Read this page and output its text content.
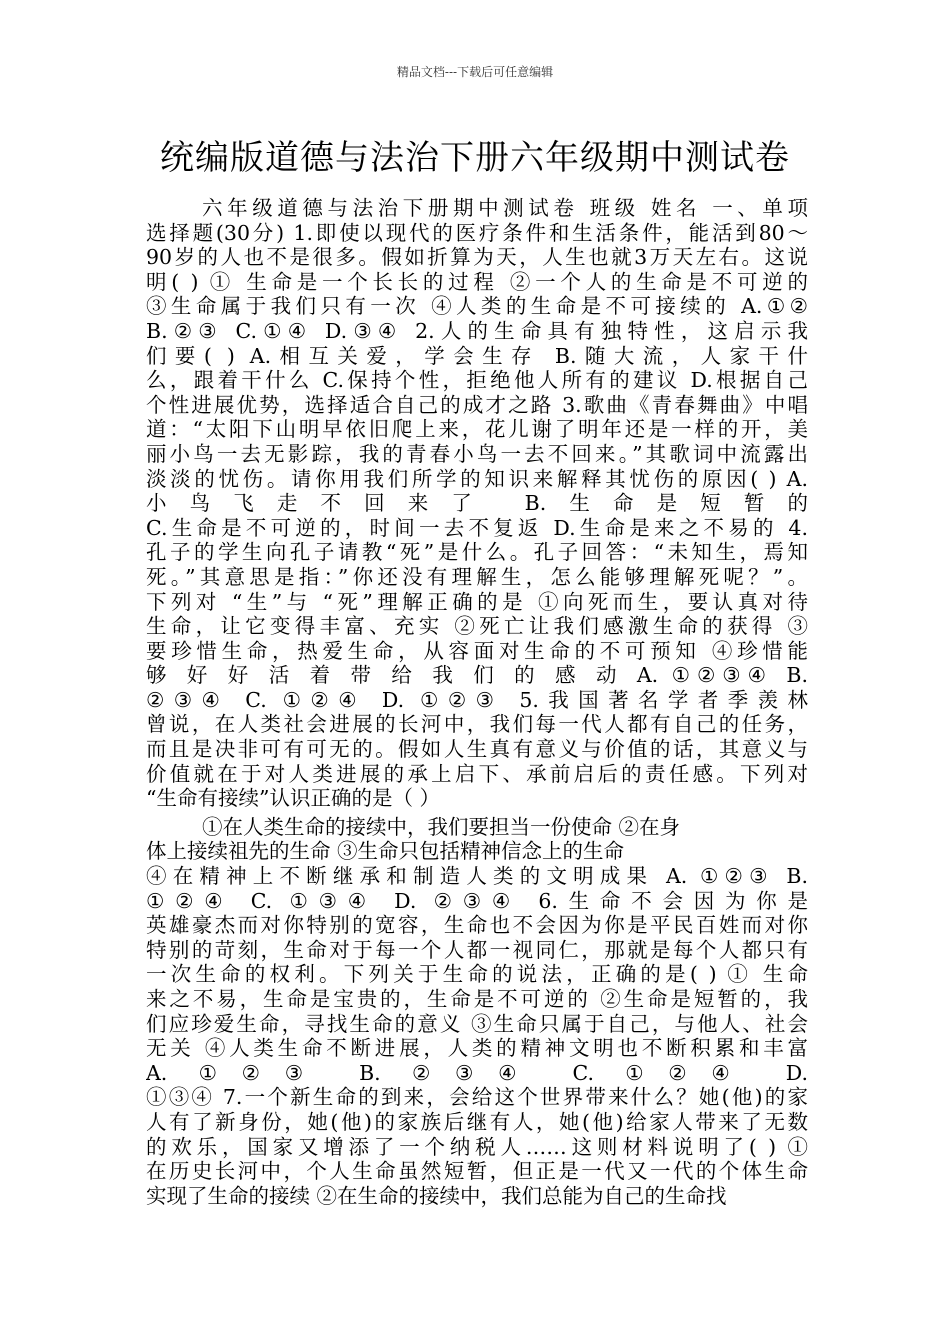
精品文档---下载后可任意编辑
统编版道德与法治下册六年级期中测试卷
六年级道德与法治下册期中测试卷 班级 姓名 一、单项
选择题(30分) 1.即使以现代的医疗条件和生活条件，能活到80～
90岁的人也不是很多。假如折算为天，人生也就3万天左右。这说
明( ) ① 生命是一个长长的过程 ②一个人的生命是不可逆的
③生命属于我们只有一次 ④人类的生命是不可接续的 A.①②
B.②③ C.①④ D.③④ 2.人的生命具有独特性，这启示我
们要( ) A.相互关爱，学会生存 B.随大流，人家干什
么，跟着干什么 C.保持个性，拒绝他人所有的建议 D.根据自己
个性进展优势，选择适合自己的成才之路 3.歌曲《青春舞曲》中唱
道：“太阳下山明早依旧爬上来，花儿谢了明年还是一样的开，美
丽小鸟一去无影踪，我的青春小鸟一去不回来。”其歌词中流露出
淡淡的忧伤。请你用我们所学的知识来解释其忧伤的原因( ) A.
小鸟飞走不回来了 B.生命是短暂的
C.生命是不可逆的，时间一去不复返 D.生命是来之不易的 4.
孔子的学生向孔子请教“死”是什么。孔子回答：“未知生，焉知
死。”其意思是指：”你还没有理解生，怎么能够理解死呢？”。
下列对 “生”与 “死”理解正确的是 ①向死而生，要认真对待
生命，让它变得丰富、充实 ②死亡让我们感激生命的获得 ③
要珍惜生命，热爱生命，从容面对生命的不可预知 ④珍惜能
够 好 好 活 着 带 给 我 们 的 感 动 A. ①②③④ B.
②③④ C. ①②④ D. ①②③ 5.我国著名学者季羡林
曾说，在人类社会进展的长河中，我们每一代人都有自己的任务，
而且是决非可有可无的。假如人生真有意义与价值的话，其意义与
价值就在于对人类进展的承上启下、承前启后的责任感。下列对
“生命有接续”认识正确的是（ ）
①在人类生命的接续中，我们要担当一份使命 ②在身
体上接续祖先的生命 ③生命只包括精神信念上的生命
④在精神上不断继承和制造人类的文明成果 A. ①②③ B.
①②④ C. ①③④ D. ②③④ 6.生命不会因为你是
英雄豪杰而对你特别的宽容，生命也不会因为你是平民百姓而对你
特别的苛刻，生命对于每一个人都一视同仁，那就是每个人都只有
一次生命的权利。下列关于生命的说法，正确的是( ) ① 生命
来之不易，生命是宝贵的，生命是不可逆的 ②生命是短暂的，我
们应珍爱生命，寻找生命的意义 ③生命只属于自己，与他人、社会
无关 ④人类生命不断进展，人类的精神文明也不断积累和丰富
A. ①②③ B. ②③④ C. ①②④ D.
①③④ 7.一个新生命的到来，会给这个世界带来什么？她(他)的家
人有了新身份，她(他)的家族后继有人，她(他)给家人带来了无数
的欢乐，国家又增添了一个纳税人……这则材料说明了( ) ①
在历史长河中，个人生命虽然短暂，但正是一代又一代的个体生命
实现了生命的接续 ②在生命的接续中，我们总能为自己的生命找
